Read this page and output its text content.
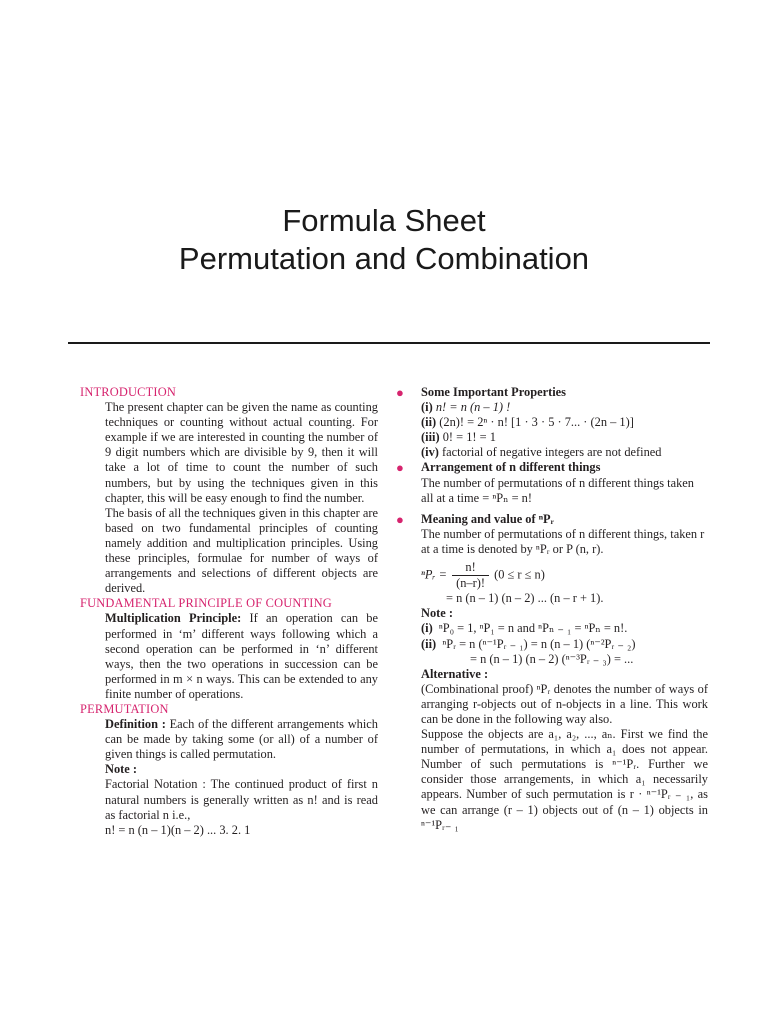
Formula Sheet
Permutation and Combination
INTRODUCTION

The present chapter can be given the name as counting techniques or counting without actual counting. For example if we are interested in counting the number of 9 digit numbers which are divisible by 9, then it will take a lot of time to count the number of such numbers, but by using the techniques given in this chapter, this will be easy enough to find the number.

The basis of all the techniques given in this chapter are based on two fundamental principles of counting namely addition and multiplication principles. Using these principles, formulae for number of ways of arrangements and selections of different objects are derived.

FUNDAMENTAL PRINCIPLE OF COUNTING

Multiplication Principle: If an operation can be performed in ‘m’ different ways following which a second operation can be performed in ‘n’ different ways, then the two operations in succession can be performed in m × n ways. This can be extended to any finite number of operations.

PERMUTATION

Definition : Each of the different arrangements which can be made by taking some (or all) of a number of given things is called permutation.

Note :

Factorial Notation : The continued product of first n natural numbers is generally written as n! and is read as factorial n i.e.,

n! = n (n – 1)(n – 2) ... 3. 2. 1
● Some Important Properties
(i) n! = n (n – 1) !
(ii) (2n)! = 2ⁿ · n! [1 · 3 · 5 · 7... · (2n – 1)]
(iii) 0! = 1! = 1
(iv) factorial of negative integers are not defined
● Arrangement of n different things
The number of permutations of n different things taken all at a time = ⁿPₙ = n!
● Meaning and value of ⁿPᵣ
The number of permutations of n different things, taken r at a time is denoted by ⁿPᵣ or P (n, r).
ⁿPᵣ = $\frac{n!}{(n-r)!} (0 \le r \le n)$
= n (n – 1) (n – 2) ... (n – r + 1).
Note :
(i) ⁿP₀ = 1, ⁿP₁ = n and ⁿPₙ ₋ ₁ = ⁿPₙ = n!.
(ii) ⁿPᵣ = n (ⁿ⁻¹Pᵣ ₋ ₁) = n (n – 1) (ⁿ⁻²Pᵣ ₋ ₂)
= n (n – 1) (n – 2) (ⁿ⁻³Pᵣ ₋ ₃) = ...
Alternative :

(Combinational proof) ⁿPᵣ denotes the number of ways of arranging r-objects out of n-objects in a line. This work can be done in the following way also.

Suppose the objects are a₁, a₂, ..., aₙ. First we find the number of permutations, in which a₁ does not appear. Number of such permutations is ⁿ⁻¹Pᵣ. Further we consider those arrangements, in which a₁ necessarily appears. Number of such permutation is r · ⁿ⁻¹Pᵣ ₋ ₁, as we can arrange (r – 1) objects out of (n – 1) objects in ⁿ⁻¹Pᵣ₋ ₁
